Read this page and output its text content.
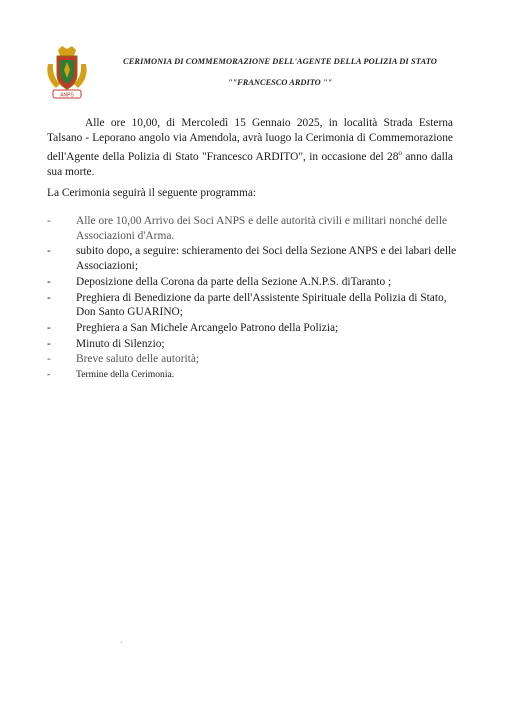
ANPS
CERIMONIA DI COMMEMORAZIONE DELL'AGENTE DELLA POLIZIA DI STATO
""FRANCESCO ARDITO ""

Alle ore 10,00, di Mercoledì 15 Gennaio 2025, in località Strada Esterna Talsano - Leporano angolo via Amendola, avrà luogo la Cerimonia di Commemorazione dell'Agente della Polizia di Stato "Francesco ARDITO", in occasione del 28$^o$ anno dalla sua morte.

La Cerimonia seguirà il seguente programma:

- Alle ore 10,00 Arrivo dei Soci ANPS e delle autorità civili e militari nonché delle Associazioni d'Arma.
- subito dopo, a seguire: schieramento dei Soci della Sezione ANPS e dei labari delle Associazioni;
- Deposizione della Corona da parte della Sezione A.N.P.S. diTaranto ;
- Preghiera di Benedizione da parte dell'Assistente Spirituale della Polizia di Stato, Don Santo GUARINO;
- Preghiera a San Michele Arcangelo Patrono della Polizia;
- Minuto di Silenzio;
- Breve saluto delle autorità;
-	Termine della Cerimonia.
